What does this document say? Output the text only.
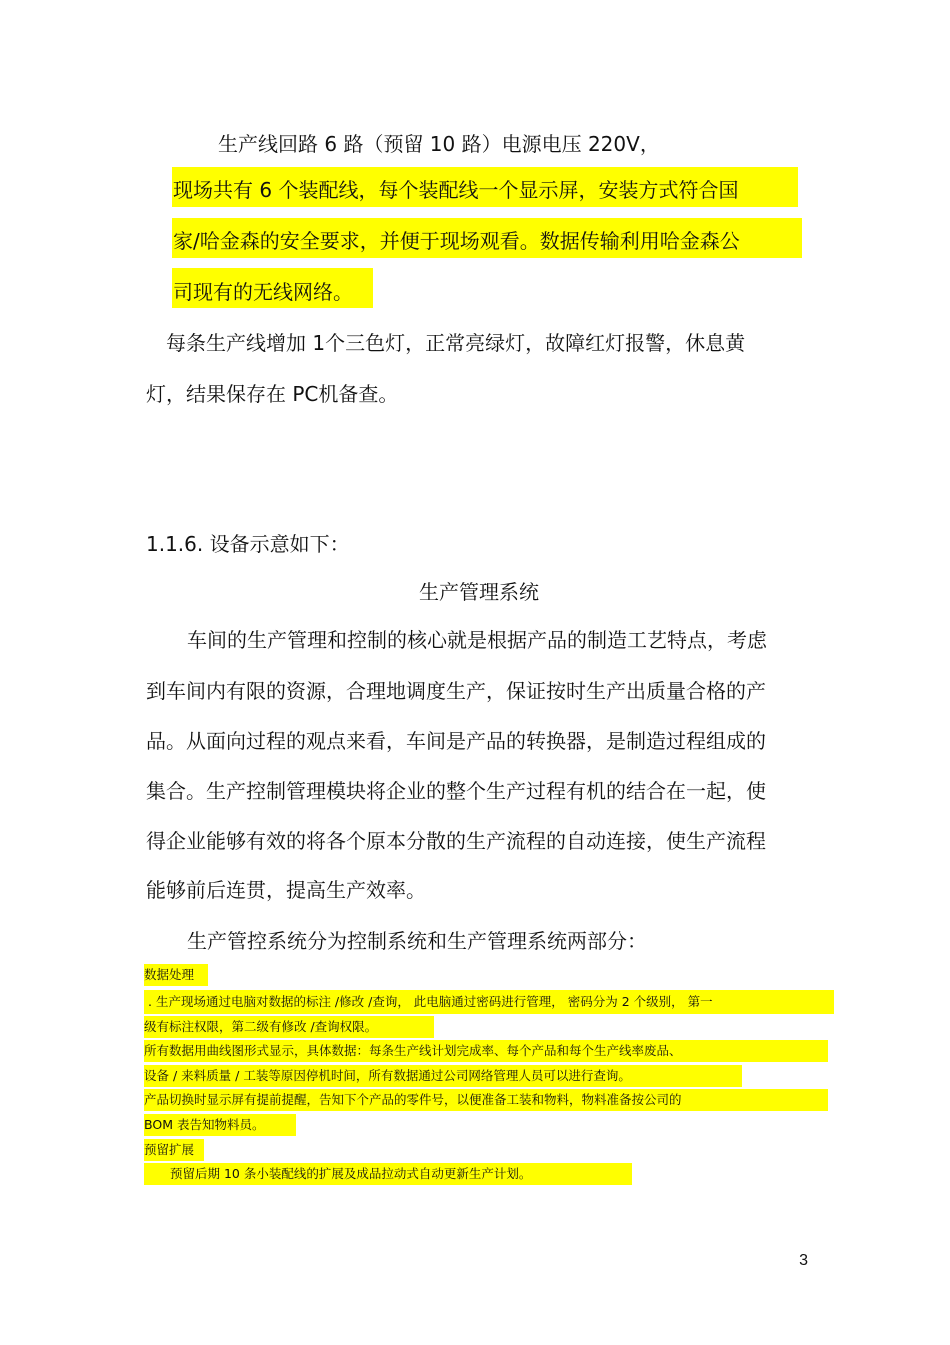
生产线回路 6 路（预留 10 路）电源电压 220V，
现场共有 6 个装配线，每个装配线一个显示屏，安装方式符合国
家/哈金森的安全要求，并便于现场观看。数据传输利用哈金森公
司现有的无线网络。
每条生产线增加 1个三色灯，正常亮绿灯，故障红灯报警，休息黄
灯，结果保存在 PC机备查。
1.1.6. 设备示意如下：
生产管理系统
车间的生产管理和控制的核心就是根据产品的制造工艺特点，考虑
到车间内有限的资源，合理地调度生产，保证按时生产出质量合格的产
品。从面向过程的观点来看，车间是产品的转换器，是制造过程组成的
集合。生产控制管理模块将企业的整个生产过程有机的结合在一起，使
得企业能够有效的将各个原本分散的生产流程的自动连接，使生产流程
能够前后连贯，提高生产效率。
生产管控系统分为控制系统和生产管理系统两部分：
数据处理
. 生产现场通过电脑对数据的标注 /修改 /查询， 此电脑通过密码进行管理， 密码分为 2 个级别， 第一
级有标注权限，第二级有修改 /查询权限。
所有数据用曲线图形式显示，具体数据：每条生产线计划完成率、每个产品和每个生产线率废品、
设备 / 来料质量 / 工装等原因停机时间，所有数据通过公司网络管理人员可以进行查询。
产品切换时显示屏有提前提醒，告知下个产品的零件号，以便准备工装和物料，物料准备按公司的
BOM 表告知物料员。
预留扩展
预留后期 10 条小装配线的扩展及成品拉动式自动更新生产计划。
3
